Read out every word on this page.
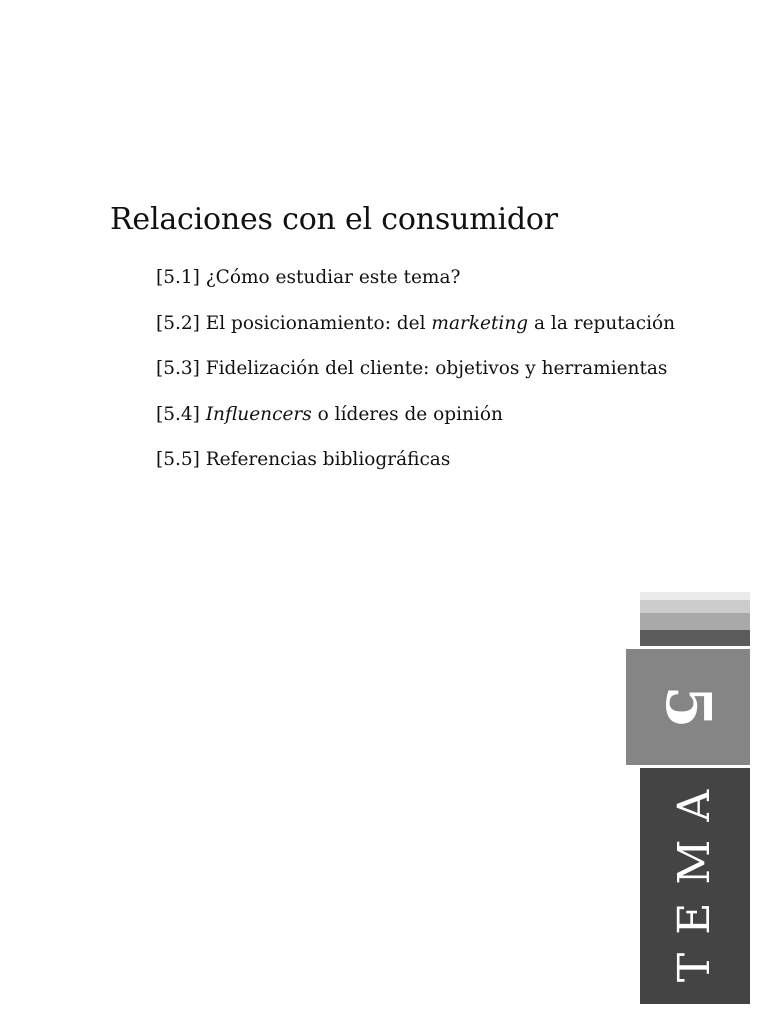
Relaciones con el consumidor
[5.1] ¿Cómo estudiar este tema?
[5.2] El posicionamiento: del marketing a la reputación
[5.3] Fidelización del cliente: objetivos y herramientas
[5.4] Influencers o líderes de opinión
[5.5] Referencias bibliográficas
5
TEMA
